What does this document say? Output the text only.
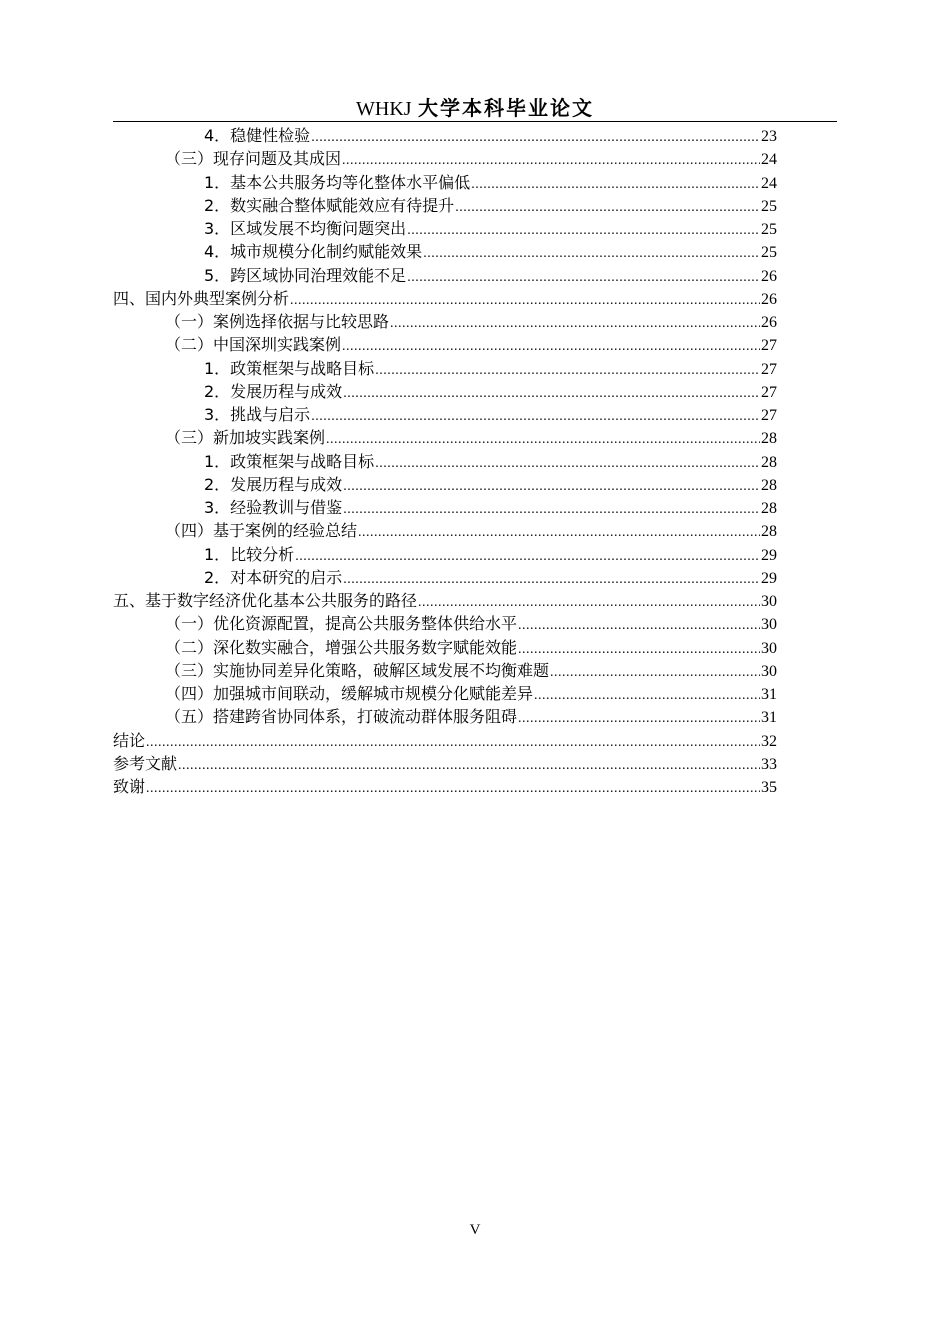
WHKJ 大学本科毕业论文
4．稳健性检验 .....	23
（三）现存问题及其成因 .....	24
1．基本公共服务均等化整体水平偏低 .....	24
2．数实融合整体赋能效应有待提升 .....	25
3．区域发展不均衡问题突出 .....	25
4．城市规模分化制约赋能效果 .....	25
5．跨区域协同治理效能不足 .....	26
四、国内外典型案例分析 .....	26
（一）案例选择依据与比较思路 .....	26
（二）中国深圳实践案例 .....	27
1．政策框架与战略目标 .....	27
2．发展历程与成效 .....	27
3．挑战与启示 .....	27
（三）新加坡实践案例 .....	28
1．政策框架与战略目标 .....	28
2．发展历程与成效 .....	28
3．经验教训与借鉴 .....	28
（四）基于案例的经验总结 .....	28
1．比较分析 .....	29
2．对本研究的启示 .....	29
五、基于数字经济优化基本公共服务的路径 .....	30
（一）优化资源配置，提高公共服务整体供给水平 .....	30
（二）深化数实融合，增强公共服务数字赋能效能 .....	30
（三）实施协同差异化策略，破解区域发展不均衡难题 .....	30
（四）加强城市间联动，缓解城市规模分化赋能差异 .....	31
（五）搭建跨省协同体系，打破流动群体服务阻碍 .....	31
结论 .....	32
参考文献 .....	33
致谢 .....	35
V
